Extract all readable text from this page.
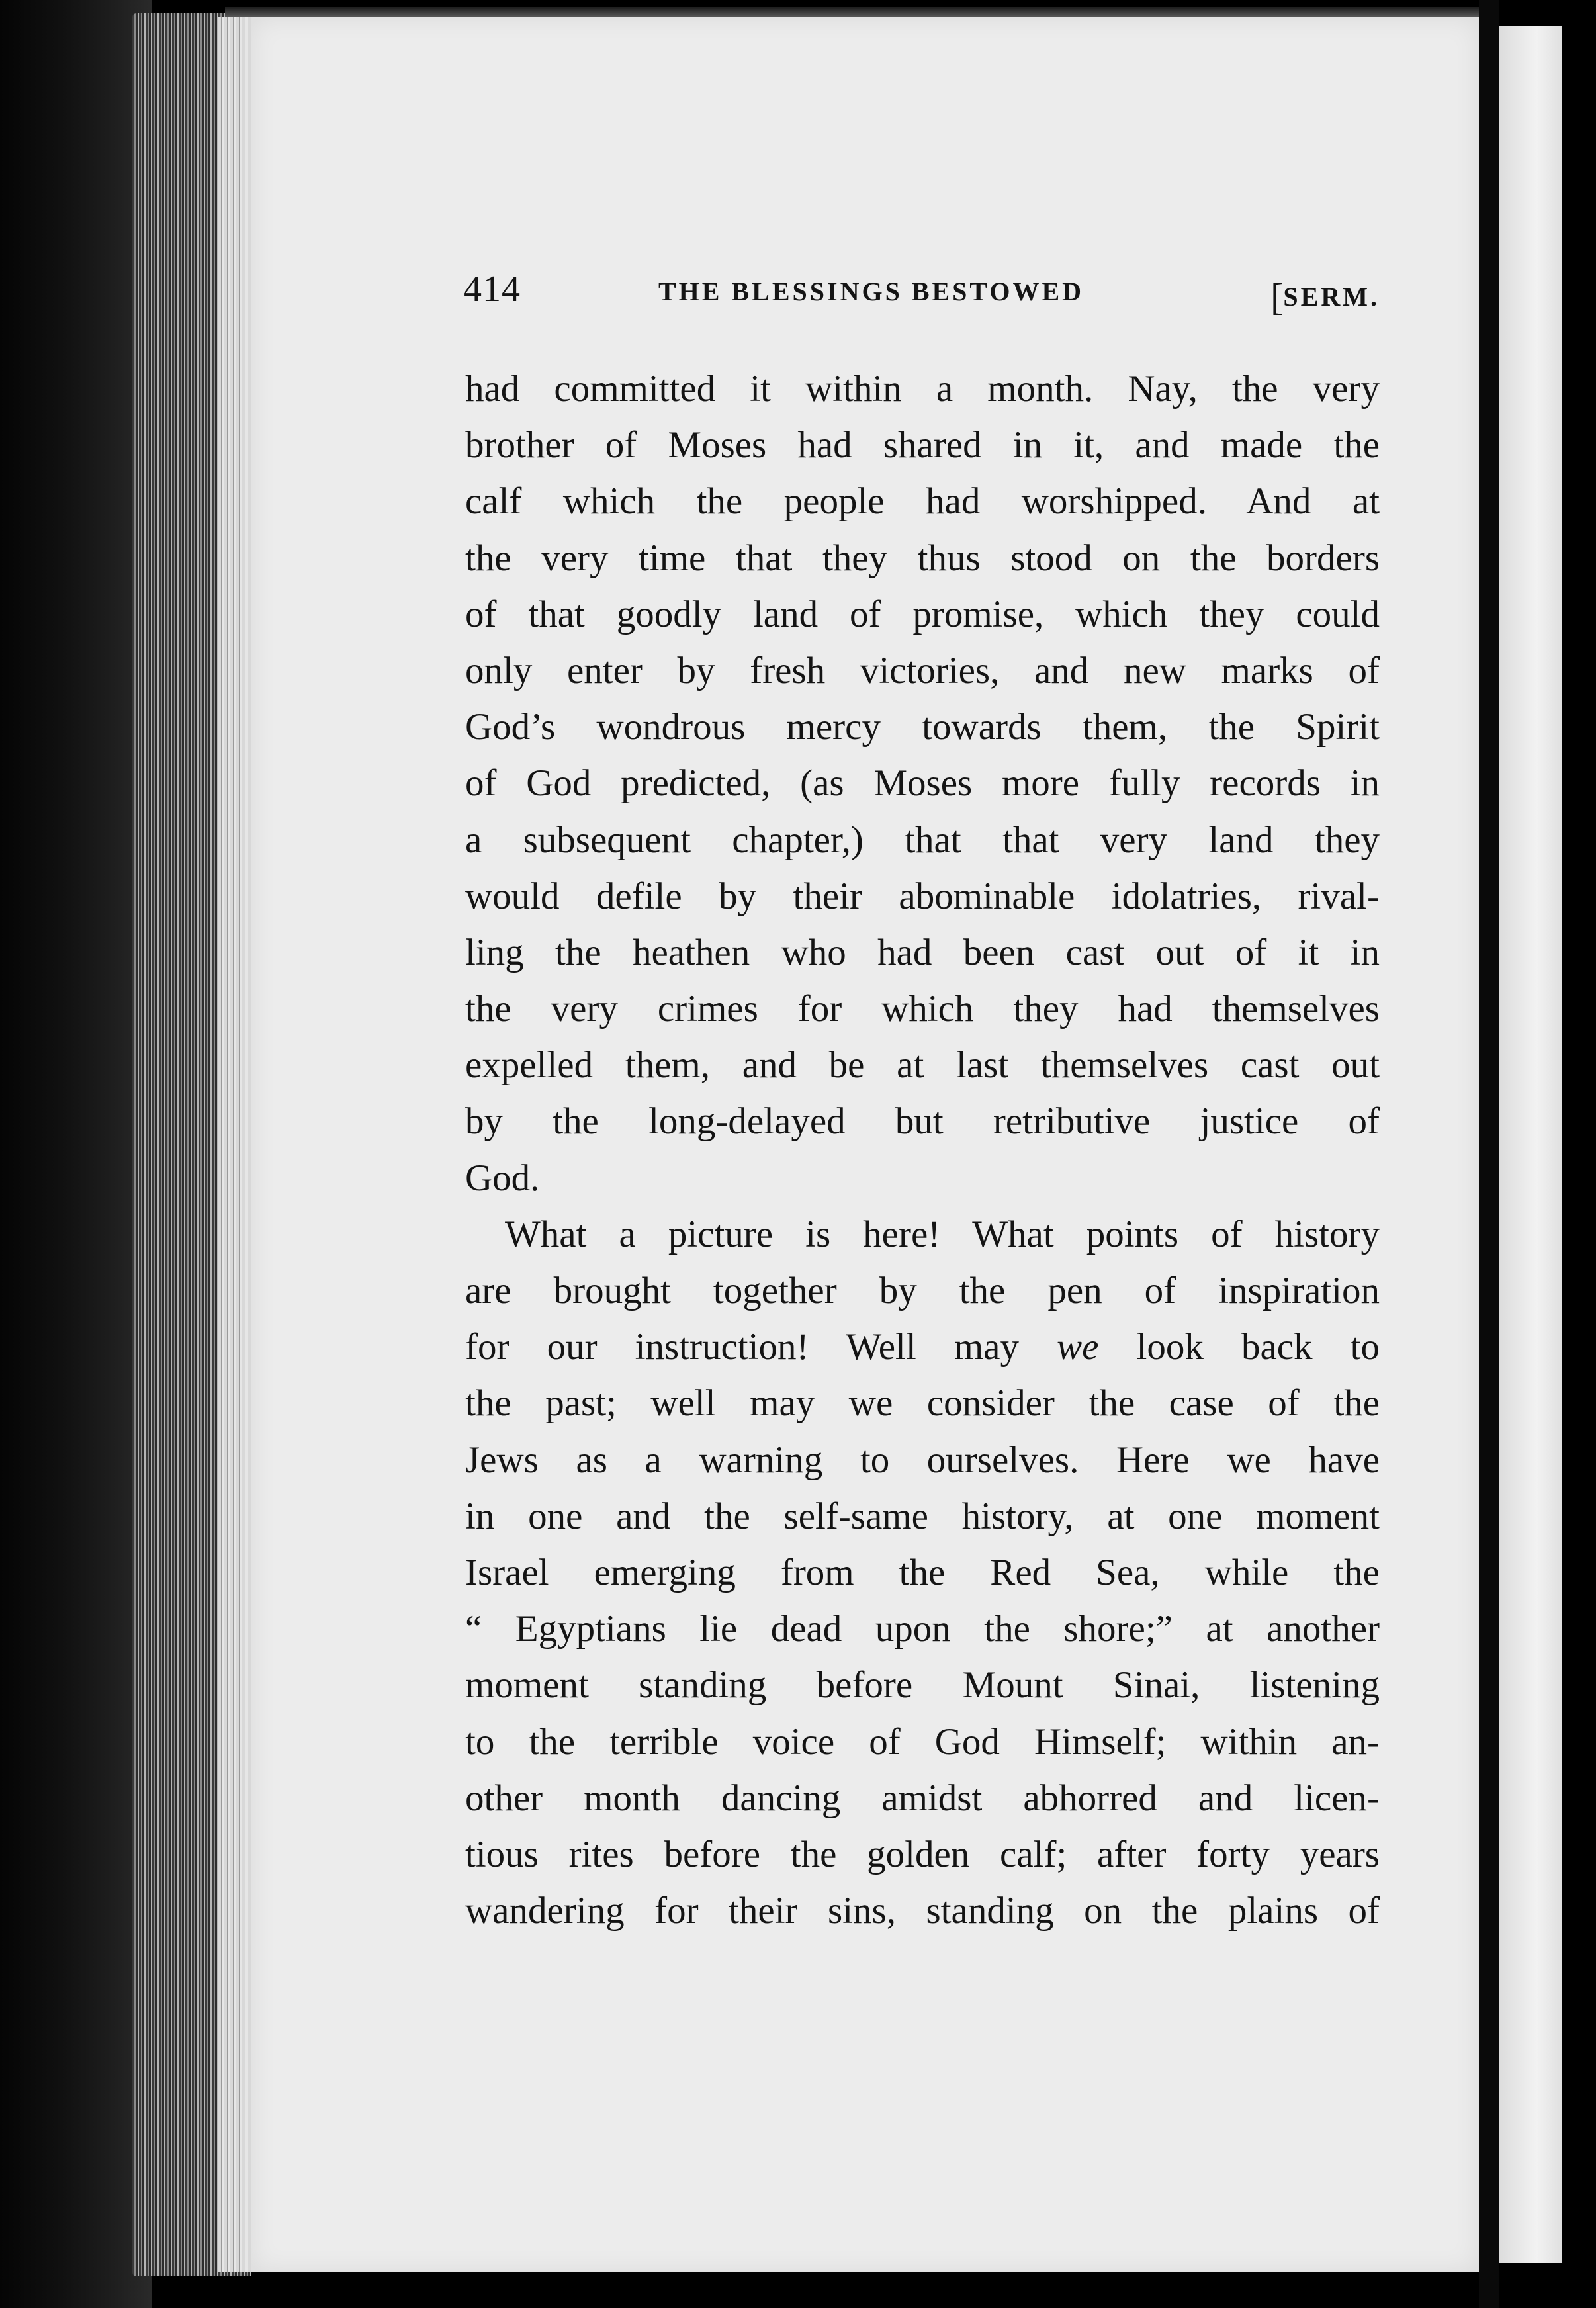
414	THE BLESSINGS BESTOWED	[SERM.
had committed it within a month. Nay, the very
brother of Moses had shared in it, and made the
calf which the people had worshipped. And at
the very time that they thus stood on the borders
of that goodly land of promise, which they could
only enter by fresh victories, and new marks of
God’s wondrous mercy towards them, the Spirit
of God predicted, (as Moses more fully records in
a subsequent chapter,) that that very land they
would defile by their abominable idolatries, rival-
ling the heathen who had been cast out of it in
the very crimes for which they had themselves
expelled them, and be at last themselves cast out
by the long-delayed but retributive justice of
God.
What a picture is here! What points of history
are brought together by the pen of inspiration
for our instruction! Well may we look back to
the past; well may we consider the case of the
Jews as a warning to ourselves. Here we have
in one and the self-same history, at one moment
Israel emerging from the Red Sea, while the
“ Egyptians lie dead upon the shore;” at another
moment standing before Mount Sinai, listening
to the terrible voice of God Himself; within an-
other month dancing amidst abhorred and licen-
tious rites before the golden calf; after forty years
wandering for their sins, standing on the plains of
